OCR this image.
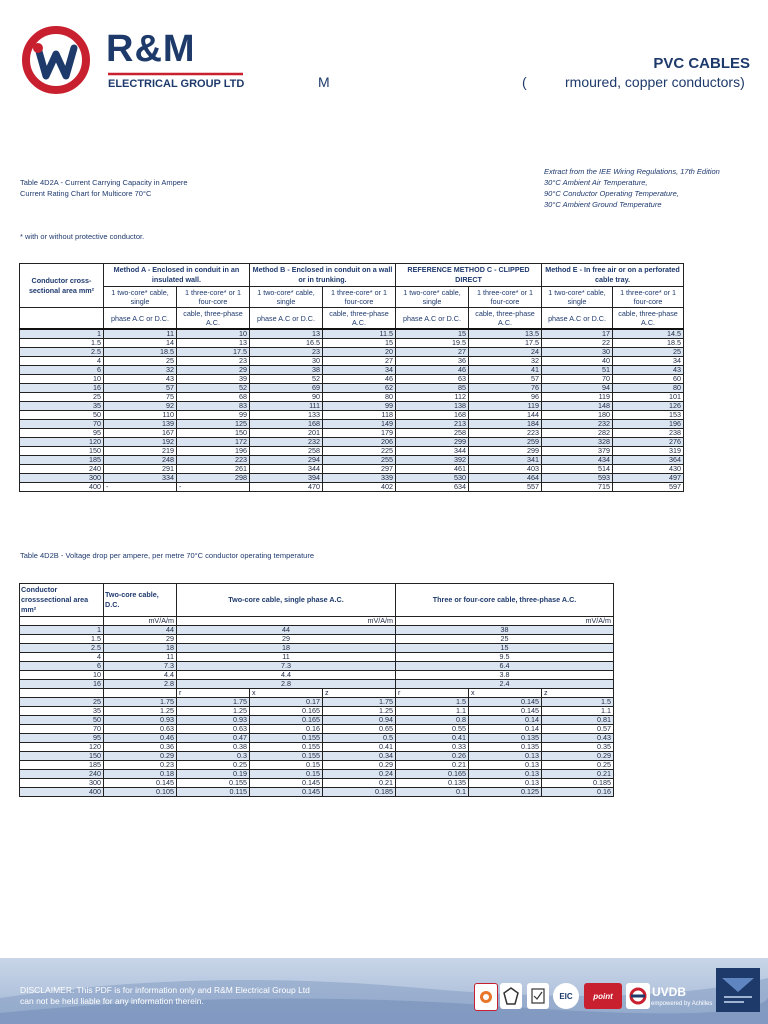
R&M
ELECTRICAL GROUP LTD
PVC CABLES
M	(	rmoured, copper conductors)
Table 4D2A - Current Carrying Capacity in Ampere
Current Rating Chart for Multicore 70°C
Extract from the IEE Wiring Regulations, 17th Edition
30°C Ambient Air Temperature,
90°C Conductor Operating Temperature,
30°C Ambient Ground Temperature
* with or without protective conductor.
Conductor cross-sectional area mm²	Method A - Enclosed in conduit in an insulated wall.		Method B - Enclosed in conduit on a wall or in trunking.		REFERENCE METHOD C - CLIPPED DIRECT		Method E - In free air or on a perforated cable tray.	
	1 two-core* cable, single	1 three-core* or 1 four-core	1 two-core* cable, single	1 three-core* or 1 four-core	1 two-core* cable, single	1 three-core* or 1 four-core	1 two-core* cable, single	1 three-core* or 1 four-core
	phase A.C or D.C.	cable, three-phase A.C.	phase A.C or D.C.	cable, three-phase A.C.	phase A.C or D.C.	cable, three-phase A.C.	phase A.C or D.C.	cable, three-phase A.C.
1	11	10	13	11.5	15	13.5	17	14.5
1.5	14	13	16.5	15	19.5	17.5	22	18.5
2.5	18.5	17.5	23	20	27	24	30	25
4	25	23	30	27	36	32	40	34
6	32	29	38	34	46	41	51	43
10	43	39	52	46	63	57	70	60
16	57	52	69	62	85	76	94	80
25	75	68	90	80	112	96	119	101
35	92	83	111	99	138	119	148	126
50	110	99	133	118	168	144	180	153
70	139	125	168	149	213	184	232	196
95	167	150	201	179	258	223	282	238
120	192	172	232	206	299	259	328	276
150	219	196	258	225	344	299	379	319
185	248	223	294	255	392	341	434	364
240	291	261	344	297	461	403	514	430
300	334	298	394	339	530	464	593	497
400	-	-	470	402	634	557	715	597
Table 4D2B - Voltage drop per ampere, per metre 70°C conductor operating temperature
Conductor crosssectional area mm²	Two-core cable, D.C.	Two-core cable, single phase A.C.			Three or four-core cable, three-phase A.C.		
	mV/A/m	mV/A/m			mV/A/m		
1	44	44			38		
1.5	29	29			25		
2.5	18	18			15		
4	11	11			9.5		
6	7.3	7.3			6.4		
10	4.4	4.4			3.8		
16	2.8	2.8			2.4		
		r	x	z	r	x	z
25	1.75	1.75	0.17	1.75	1.5	0.145	1.5
35	1.25	1.25	0.165	1.25	1.1	0.145	1.1
50	0.93	0.93	0.165	0.94	0.8	0.14	0.81
70	0.63	0.63	0.16	0.65	0.55	0.14	0.57
95	0.46	0.47	0.155	0.5	0.41	0.135	0.43
120	0.36	0.38	0.155	0.41	0.33	0.135	0.35
150	0.29	0.3	0.155	0.34	0.26	0.13	0.29
185	0.23	0.25	0.15	0.29	0.21	0.13	0.25
240	0.18	0.19	0.15	0.24	0.165	0.13	0.21
300	0.145	0.155	0.145	0.21	0.135	0.13	0.185
400	0.105	0.115	0.145	0.185	0.1	0.125	0.16
DISCLAIMER: This PDF is for information only and R&M Electrical Group Ltd
can not be held liable for any information therein.	EIC	point	UVDB
empowered by Achilles
